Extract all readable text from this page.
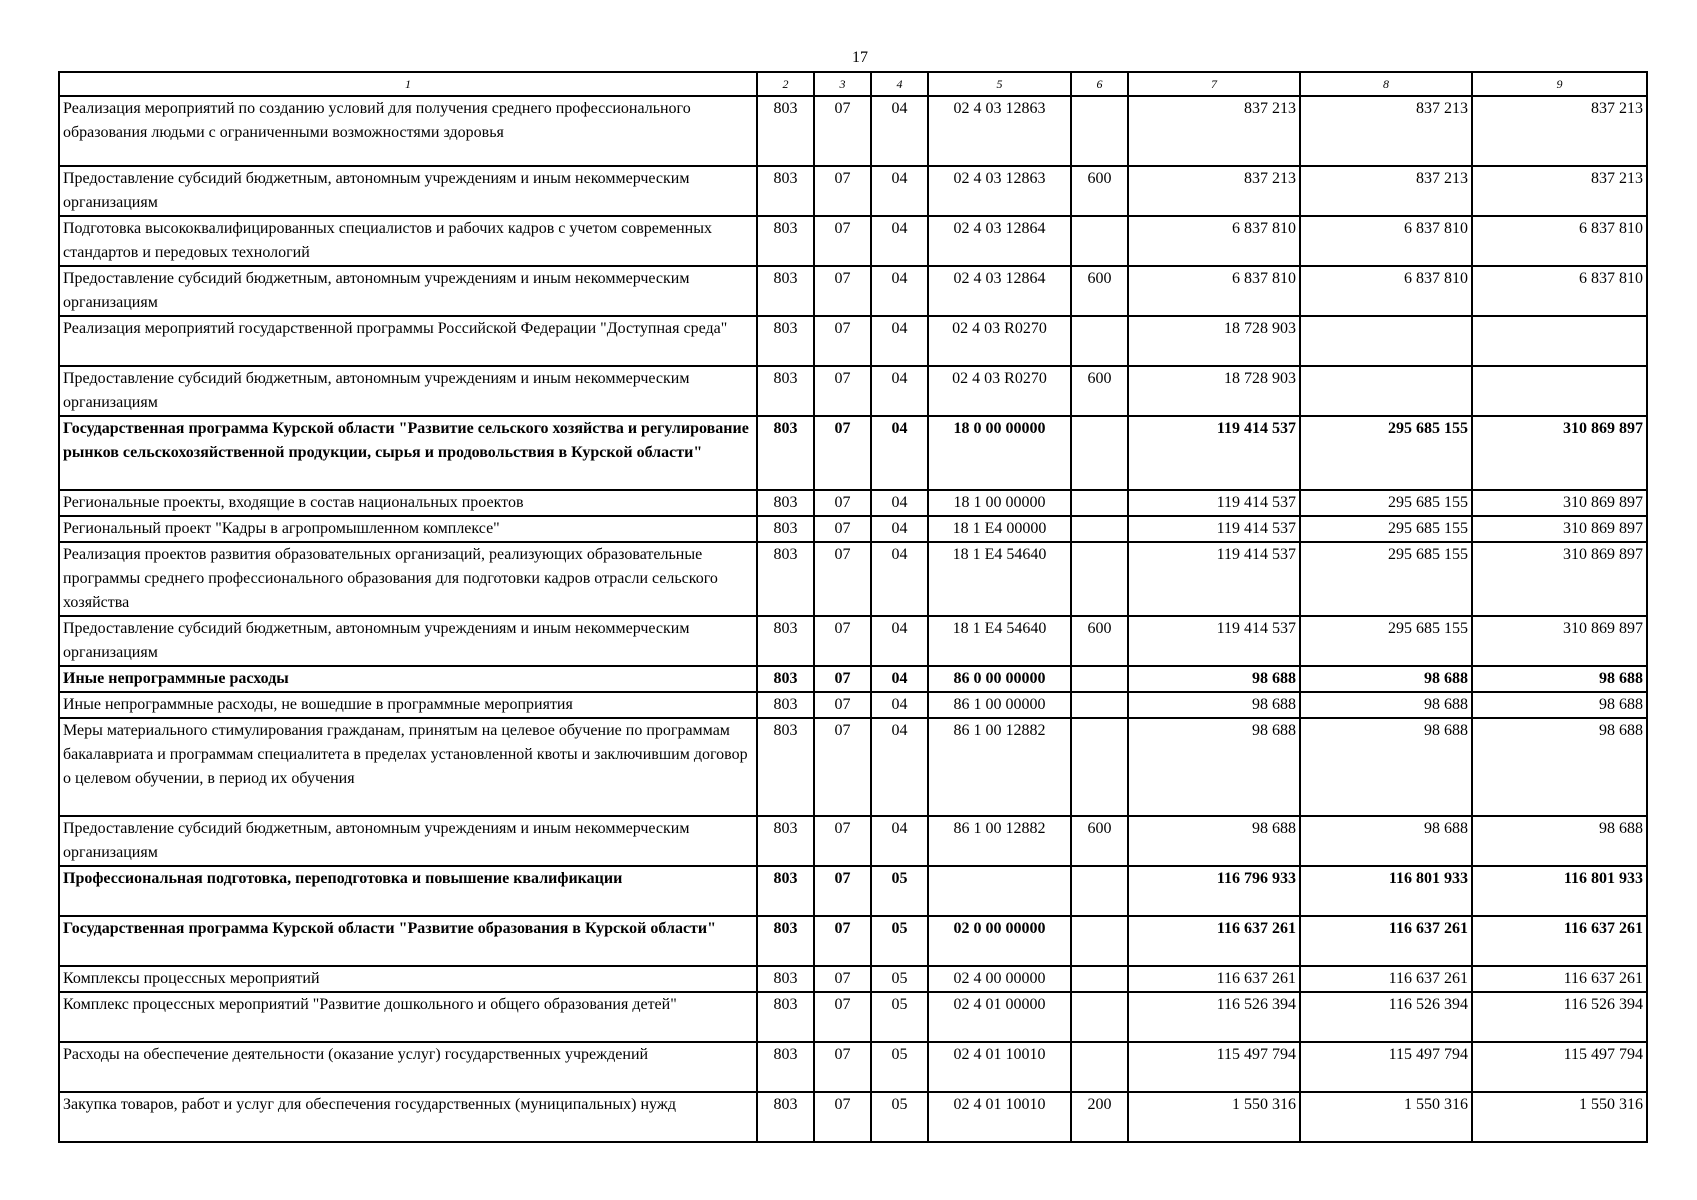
17
1	2	3	4	5	6	7	8	9
Реализация мероприятий по созданию условий для получения среднего профессионального образования людьми с ограниченными возможностями здоровья	803	07	04	02 4 03 12863		837 213	837 213	837 213
Предоставление субсидий бюджетным, автономным учреждениям и иным некоммерческим организациям	803	07	04	02 4 03 12863	600	837 213	837 213	837 213
Подготовка высококвалифицированных специалистов и рабочих кадров с учетом современных стандартов и передовых технологий	803	07	04	02 4 03 12864		6 837 810	6 837 810	6 837 810
Предоставление субсидий бюджетным, автономным учреждениям и иным некоммерческим организациям	803	07	04	02 4 03 12864	600	6 837 810	6 837 810	6 837 810
Реализация мероприятий государственной программы Российской Федерации "Доступная среда"	803	07	04	02 4 03 R0270		18 728 903		
Предоставление субсидий бюджетным, автономным учреждениям и иным некоммерческим организациям	803	07	04	02 4 03 R0270	600	18 728 903		
Государственная программа Курской области "Развитие сельского хозяйства и регулирование рынков сельскохозяйственной продукции, сырья и продовольствия в Курской области"	803	07	04	18 0 00 00000		119 414 537	295 685 155	310 869 897
Региональные проекты, входящие в состав национальных проектов	803	07	04	18 1 00 00000		119 414 537	295 685 155	310 869 897
Региональный проект "Кадры в агропромышленном комплексе"	803	07	04	18 1 E4 00000		119 414 537	295 685 155	310 869 897
Реализация проектов развития образовательных организаций, реализующих образовательные программы среднего профессионального образования для подготовки кадров отрасли сельского хозяйства	803	07	04	18 1 E4 54640		119 414 537	295 685 155	310 869 897
Предоставление субсидий бюджетным, автономным учреждениям и иным некоммерческим организациям	803	07	04	18 1 E4 54640	600	119 414 537	295 685 155	310 869 897
Иные непрограммные расходы	803	07	04	86 0 00 00000		98 688	98 688	98 688
Иные непрограммные расходы, не вошедшие в программные мероприятия	803	07	04	86 1 00 00000		98 688	98 688	98 688
Меры материального стимулирования гражданам, принятым на целевое обучение по программам бакалавриата и программам специалитета в пределах установленной квоты и заключившим договор о целевом обучении, в период их обучения	803	07	04	86 1 00 12882		98 688	98 688	98 688
Предоставление субсидий бюджетным, автономным учреждениям и иным некоммерческим организациям	803	07	04	86 1 00 12882	600	98 688	98 688	98 688
Профессиональная подготовка, переподготовка и повышение квалификации	803	07	05			116 796 933	116 801 933	116 801 933
Государственная программа Курской области "Развитие образования в Курской области"	803	07	05	02 0 00 00000		116 637 261	116 637 261	116 637 261
Комплексы процессных мероприятий	803	07	05	02 4 00 00000		116 637 261	116 637 261	116 637 261
Комплекс процессных мероприятий "Развитие дошкольного и общего образования детей"	803	07	05	02 4 01 00000		116 526 394	116 526 394	116 526 394
Расходы на обеспечение деятельности (оказание услуг) государственных учреждений	803	07	05	02 4 01 10010		115 497 794	115 497 794	115 497 794
Закупка товаров, работ и услуг для обеспечения государственных (муниципальных) нужд	803	07	05	02 4 01 10010	200	1 550 316	1 550 316	1 550 316
